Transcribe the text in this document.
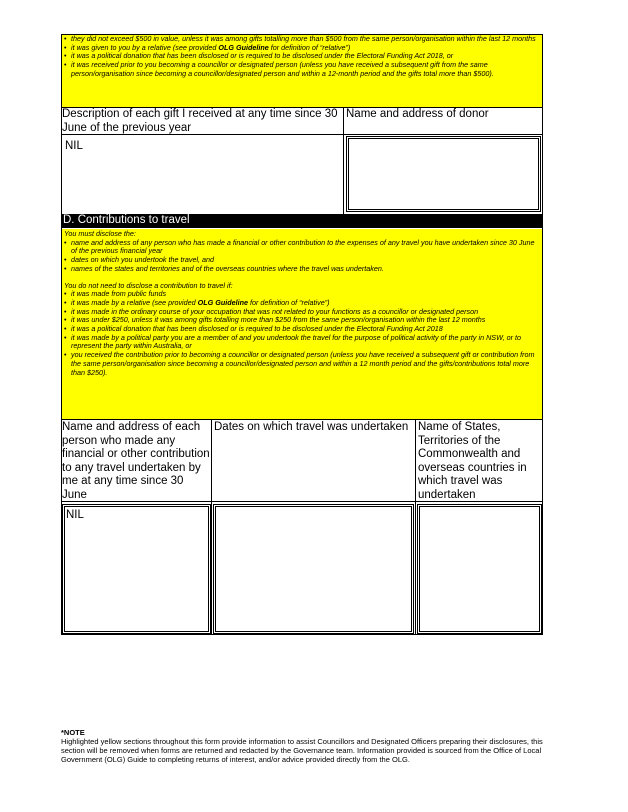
• they did not exceed $500 in value, unless it was among gifts totalling more than $500 from the same person/organisation within the last 12 months
• it was given to you by a relative (see provided OLG Guideline for definition of “relative”)
• it was a political donation that has been disclosed or is required to be disclosed under the Electoral Funding Act 2018, or
• it was received prior to you becoming a councillor or designated person (unless you have received a subsequent gift from the same person/organisation since becoming a councillor/designated person and within a 12-month period and the gifts total more than $500).
Description of each gift I received at any time since 30 June of the previous year
Name and address of donor
NIL
D. Contributions to travel

You must disclose the:

• name and address of any person who has made a financial or other contribution to the expenses of any travel you have undertaken since 30 June of the previous financial year
• dates on which you undertook the travel, and
• names of the states and territories and of the overseas countries where the travel was undertaken.

You do not need to disclose a contribution to travel if:

• it was made from public funds
• it was made by a relative (see provided OLG Guideline for definition of “relative”)
• it was made in the ordinary course of your occupation that was not related to your functions as a councillor or designated person
• it was under $250, unless it was among gifts totalling more than $250 from the same person/organisation within the last 12 months
• it was a political donation that has been disclosed or is required to be disclosed under the Electoral Funding Act 2018
• it was made by a political party you are a member of and you undertook the travel for the purpose of political activity of the party in NSW, or to represent the party within Australia, or
• you received the contribution prior to becoming a councillor or designated person (unless you have received a subsequent gift or contribution from the same person/organisation since becoming a councillor/designated person and within a 12 month period and the gifts/contributions total more than $250).
Name and address of each person who made any financial or other contribution to any travel undertaken by me at any time since 30 June
Dates on which travel was undertaken Name of States, Territories of the Commonwealth and overseas countries in which travel was undertaken
NIL
*NOTE
Highlighted yellow sections throughout this form provide information to assist Councillors and Designated Officers preparing their disclosures, this section will be removed when forms are returned and redacted by the Governance team. Information provided is sourced from the Office of Local Government (OLG) Guide to completing returns of interest, and/or advice provided directly from the OLG.
